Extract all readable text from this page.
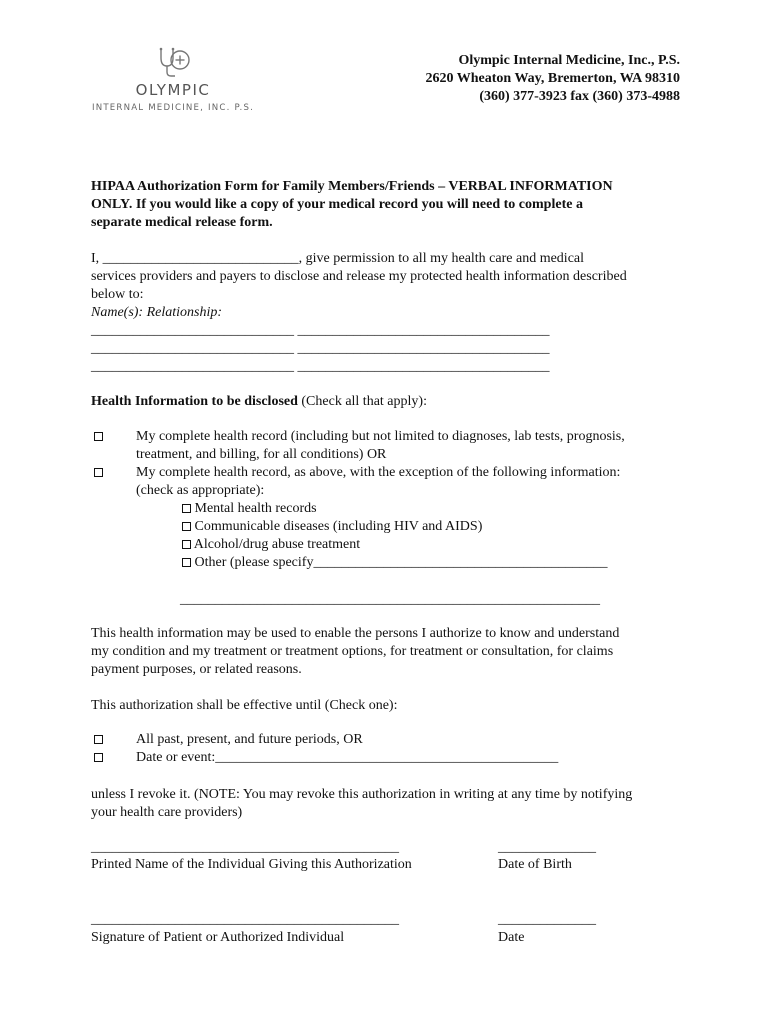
OLYMPIC
INTERNAL MEDICINE, INC. P.S.
Olympic Internal Medicine, Inc., P.S.
2620 Wheaton Way, Bremerton, WA 98310
(360) 377-3923 fax (360) 373-4988
HIPAA Authorization Form for Family Members/Friends – VERBAL INFORMATION
ONLY. If you would like a copy of your medical record you will need to complete a
separate medical release form.
I, ____________________________, give permission to all my health care and medical
services providers and payers to disclose and release my protected health information described
below to:
Name(s): Relationship:
_____________________________ ____________________________________
_____________________________ ____________________________________
_____________________________ ____________________________________
Health Information to be disclosed (Check all that apply):
My complete health record (including but not limited to diagnoses, lab tests, prognosis,
treatment, and billing, for all conditions) OR
My complete health record, as above, with the exception of the following information:
(check as appropriate):
Mental health records
Communicable diseases (including HIV and AIDS)
Alcohol/drug abuse treatment
Other (please specify__________________________________________
____________________________________________________________
This health information may be used to enable the persons I authorize to know and understand
my condition and my treatment or treatment options, for treatment or consultation, for claims
payment purposes, or related reasons.
This authorization shall be effective until (Check one):
All past, present, and future periods, OR
Date or event:_________________________________________________
unless I revoke it. (NOTE: You may revoke this authorization in writing at any time by notifying
your health care providers)
____________________________________________	______________
Printed Name of the Individual Giving this Authorization	Date of Birth
____________________________________________	______________
Signature of Patient or Authorized Individual	Date
